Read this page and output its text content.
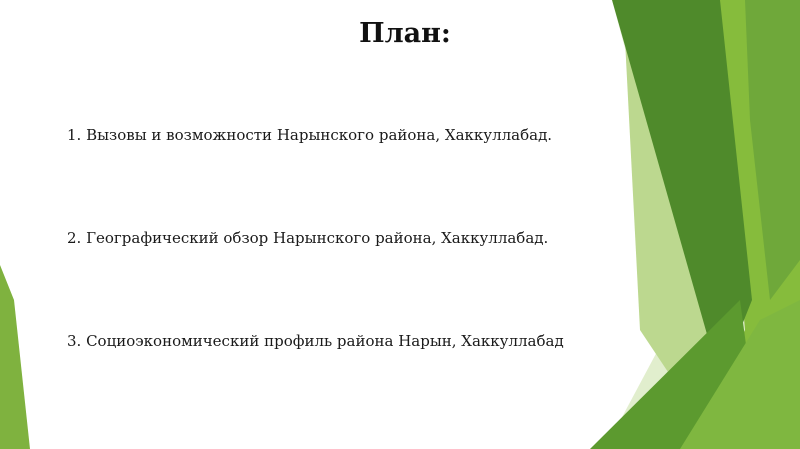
План:

1. Вызовы и возможности Нарынского района, Хаккуллабад.

2. Географический обзор Нарынского района, Хаккуллабад.

3. Социоэкономический профиль района Нарын, Хаккуллабад
